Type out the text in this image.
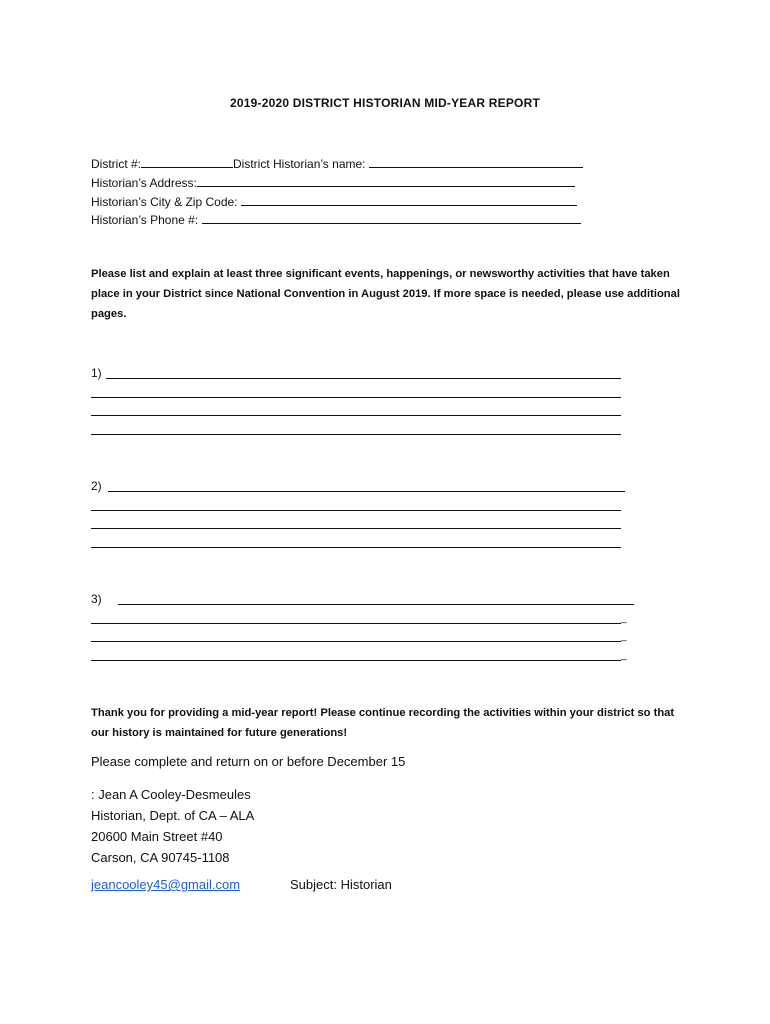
2019-2020 DISTRICT HISTORIAN MID-YEAR REPORT
District #:	District Historian’s name:
Historian’s Address:
Historian’s City & Zip Code:
Historian’s Phone #:
Please list and explain at least three significant events, happenings, or newsworthy activities that have taken place in your District since National Convention in August 2019. If more space is needed, please use additional pages.
1)
2)
3)
_
_
_
Thank you for providing a mid-year report! Please continue recording the activities within your district so that our history is maintained for future generations!
Please complete and return on or before December 15
: Jean A Cooley-Desmeules
Historian, Dept. of CA – ALA
20600 Main Street #40
Carson, CA 90745-1108
jeancooley45@gmail.com	Subject: Historian
